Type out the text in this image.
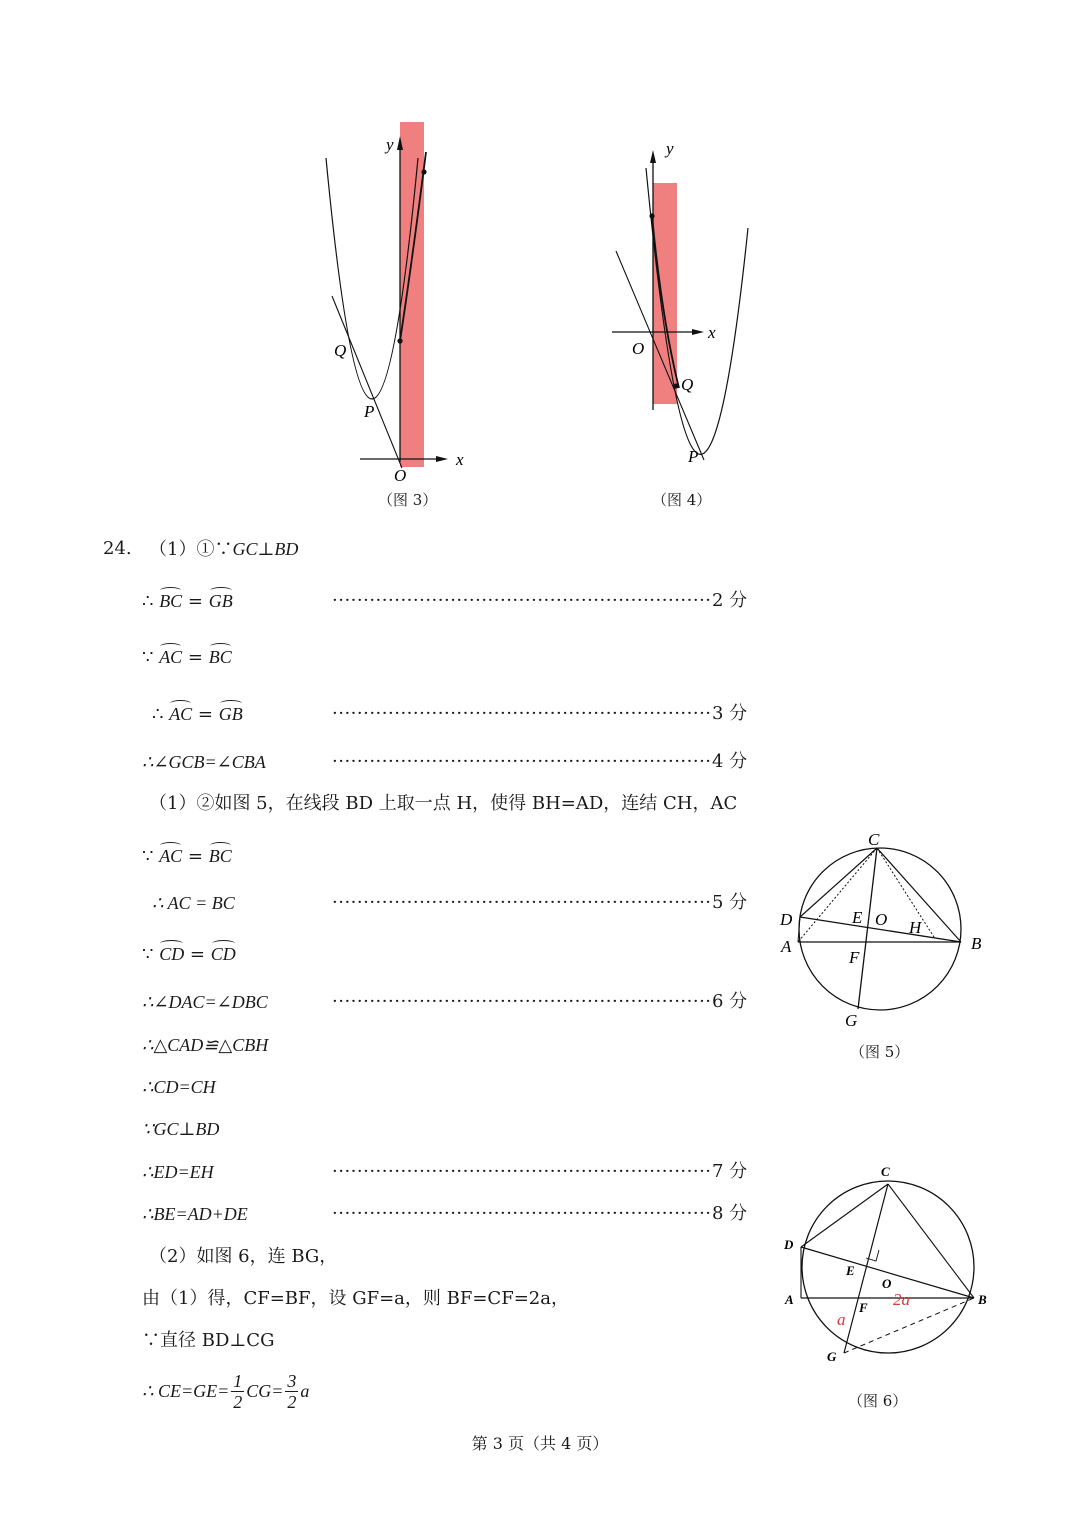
y
x
O
Q
P
（图 3）
y
x
O
Q
P
（图 4）
24. （1）①∵GC⊥BD
∴ BC = GB	····························································· 2 分
∵ AC = BC
∴ AC = GB	····························································· 3 分
∴∠GCB=∠CBA	····························································· 4 分
（1）②如图 5，在线段 BD 上取一点 H，使得 BH=AD，连结 CH，AC
∵ AC = BC
∴ AC = BC	····························································· 5 分
∵ CD = CD
∴∠DAC=∠DBC	····························································· 6 分
∴△CAD≌△CBH
∴CD=CH
∵GC⊥BD
∴ED=EH	····························································· 7 分
∴BE=AD+DE	····························································· 8 分
（2）如图 6，连 BG，
由（1）得，CF=BF，设 GF=a，则 BF=CF=2a，
∵直径 BD⊥CG
∴ $CE=GE= \frac{1}{2} CG= \frac{3}{2}$ a
C
D
A
E O H
B
F
G
（图 5）
C
D
A
E
O
B
F
G
a
2a
（图 6）
第 3 页（共 4 页）
